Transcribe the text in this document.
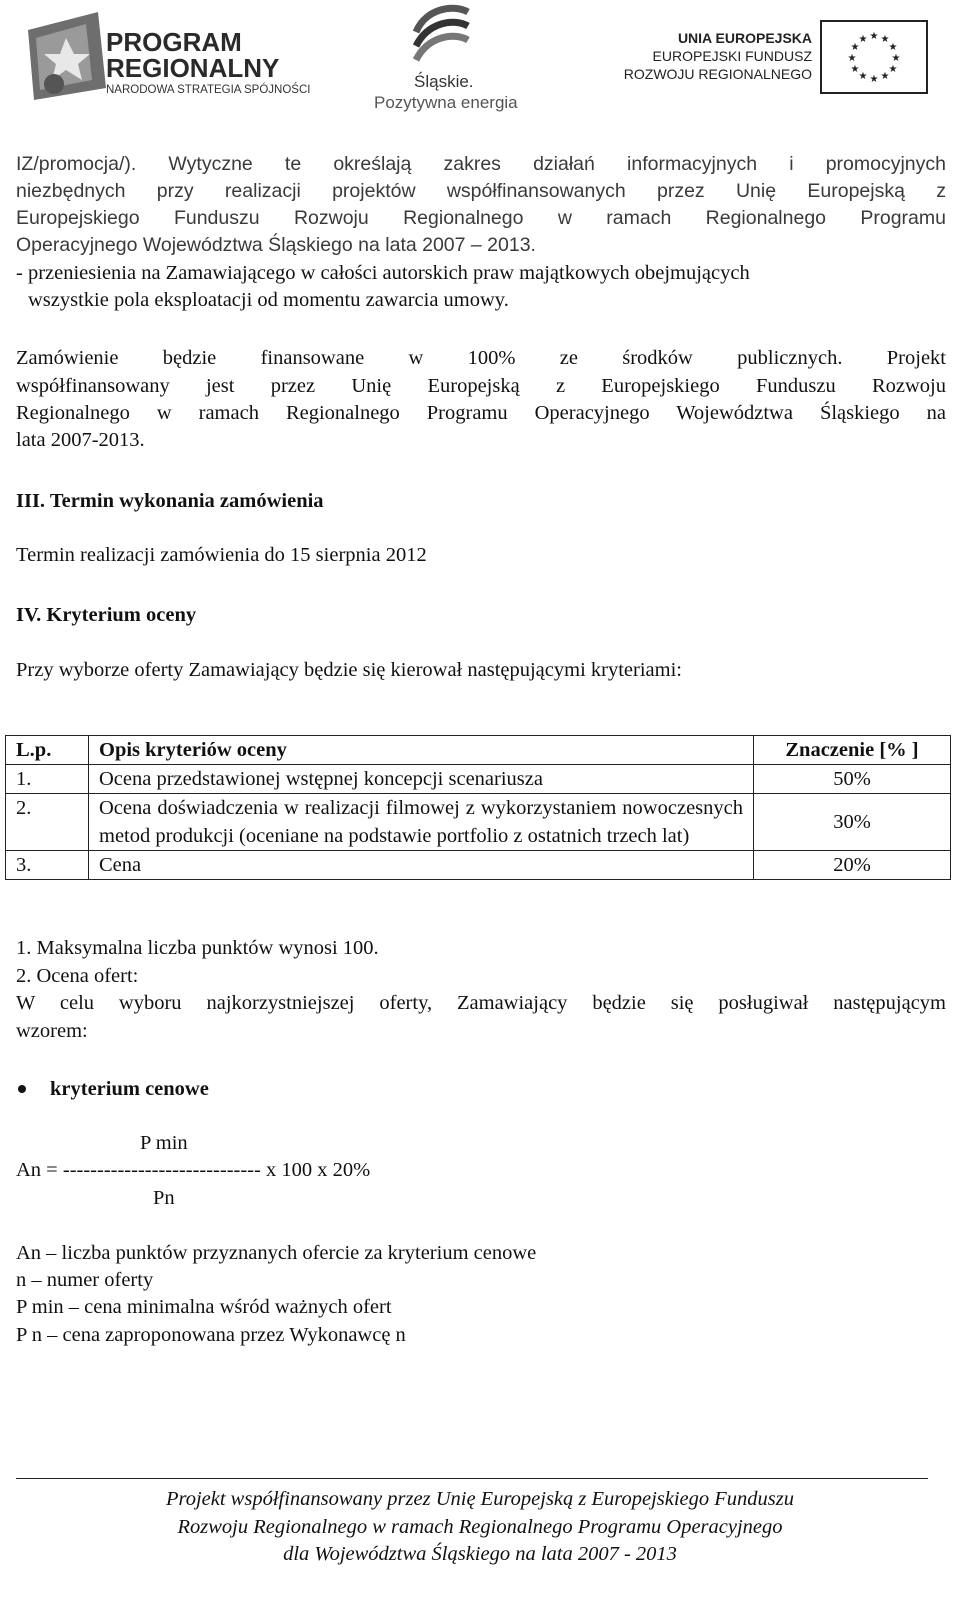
PROGRAM
REGIONALNY
NARODOWA STRATEGIA SPÓJNOŚCI	Śląskie.
Pozytywna energia
UNIA EUROPEJSKA
EUROPEJSKI FUNDUSZ
ROZWOJU REGIONALNEGO
★ ★
★
★
★
★
★
★
★
★
★
★
IZ/promocja/). Wytyczne te określają zakres działań informacyjnych i promocyjnych
niezbędnych przy realizacji projektów współfinansowanych przez Unię Europejską z
Europejskiego Funduszu Rozwoju Regionalnego w ramach Regionalnego Programu
Operacyjnego Województwa Śląskiego na lata 2007 – 2013.
- przeniesienia na Zamawiającego w całości autorskich praw majątkowych obejmujących
wszystkie pola eksploatacji od momentu zawarcia umowy.
Zamówienie będzie finansowane w 100% ze środków publicznych. Projekt
współfinansowany jest przez Unię Europejską z Europejskiego Funduszu Rozwoju
Regionalnego w ramach Regionalnego Programu Operacyjnego Województwa Śląskiego na
lata 2007-2013.
III. Termin wykonania zamówienia
Termin realizacji zamówienia do 15 sierpnia 2012
IV. Kryterium oceny
Przy wyborze oferty Zamawiający będzie się kierował następującymi kryteriami:
L.p.	Opis kryteriów oceny	Znaczenie [% ]
1.	Ocena przedstawionej wstępnej koncepcji scenariusza	50%
2.	Ocena doświadczenia w realizacji filmowej z wykorzystaniem nowoczesnych metod produkcji (oceniane na podstawie portfolio z ostatnich trzech lat)	30%
3.	Cena	20%
1. Maksymalna liczba punktów wynosi 100.
2. Ocena ofert:
W celu wyboru najkorzystniejszej oferty, Zamawiający będzie się posługiwał następującym
wzorem:
kryterium cenowe
P min
An = ----------------------------- x 100 x 20%
Pn
An – liczba punktów przyznanych ofercie za kryterium cenowe
n – numer oferty
P min – cena minimalna wśród ważnych ofert
P n – cena zaproponowana przez Wykonawcę n
Projekt współfinansowany przez Unię Europejską z Europejskiego Funduszu
Rozwoju Regionalnego w ramach Regionalnego Programu Operacyjnego
dla Województwa Śląskiego na lata 2007 - 2013
